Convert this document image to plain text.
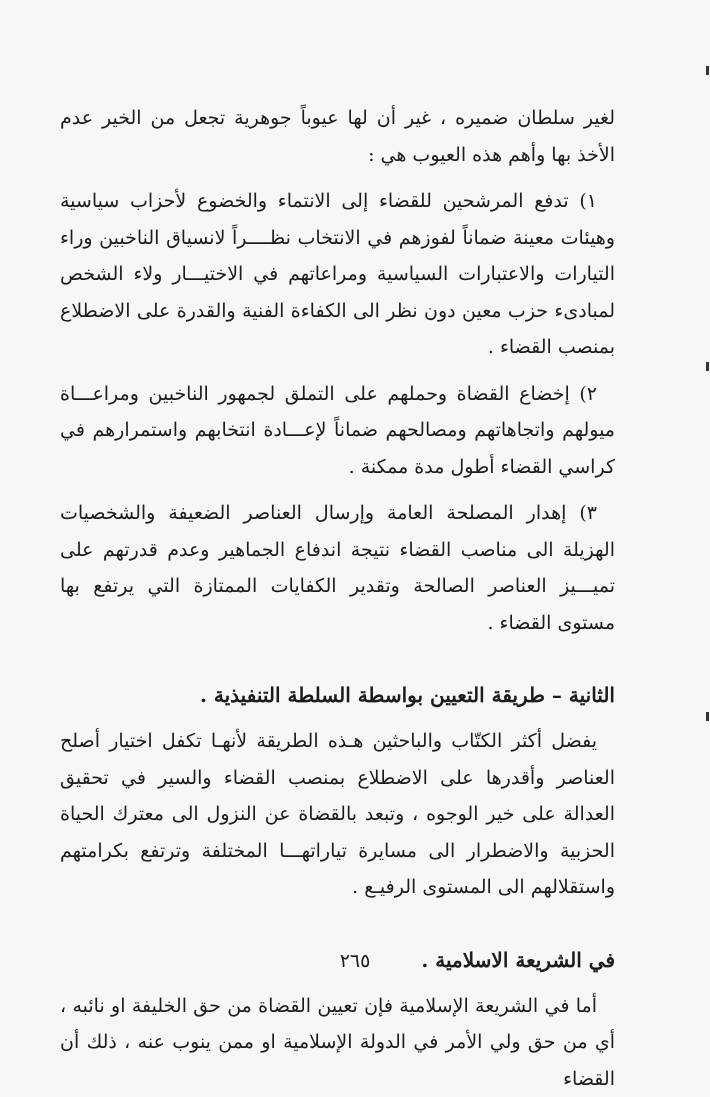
لغير سلطان ضميره ، غير أن لها عيوباً جوهرية تجعل من الخير عدم الأخذ بها وأهم هذه العيوب هي :

١) تدفع المرشحين للقضاء إلى الانتماء والخضوع لأحزاب سياسية وهيئات معينة ضماناً لفوزهم في الانتخاب نظــــراً لانسياق الناخبين وراء التيارات والاعتبارات السياسية ومراعاتهم في الاختيـــار ولاء الشخص لمبادىء حزب معين دون نظر الى الكفاءة الفنية والقدرة على الاضطلاع بمنصب القضاء .

٢) إخضاع القضاة وحملهم على التملق لجمهور الناخبين ومراعـــاة ميولهم واتجاهاتهم ومصالحهم ضماناً لإعـــادة انتخابهم واستمرارهم في كراسي القضاء أطول مدة ممكنة .

٣) إهدار المصلحة العامة وإرسال العناصر الضعيفة والشخصيات الهزيلة الى مناصب القضاء نتيجة اندفاع الجماهير وعدم قدرتهم على تميـــيز العناصر الصالحة وتقدير الكفايات الممتازة التي يرتفع بها مستوى القضاء .

الثانية – طريقة التعيين بواسطة السلطة التنفيذية .

يفضل أكثر الكتّاب والباحثين هـذه الطريقة لأنهـا تكفل اختيار أصلح العناصر وأقدرها على الاضطلاع بمنصب القضاء والسير في تحقيق العدالة على خير الوجوه ، وتبعد بالقضاة عن النزول الى معترك الحياة الحزبية والاضطرار الى مسايرة تياراتهـــا المختلفة وترتفع بكرامتهم واستقلالهم الى المستوى الرفيـع .

في الشريعة الاسلامية .

أما في الشريعة الإسلامية فإن تعيين القضاة من حق الخليفة او نائبه ، أي من حق ولي الأمر في الدولة الإسلامية او ممن ينوب عنه ، ذلك أن القضاء

٢٦٥
